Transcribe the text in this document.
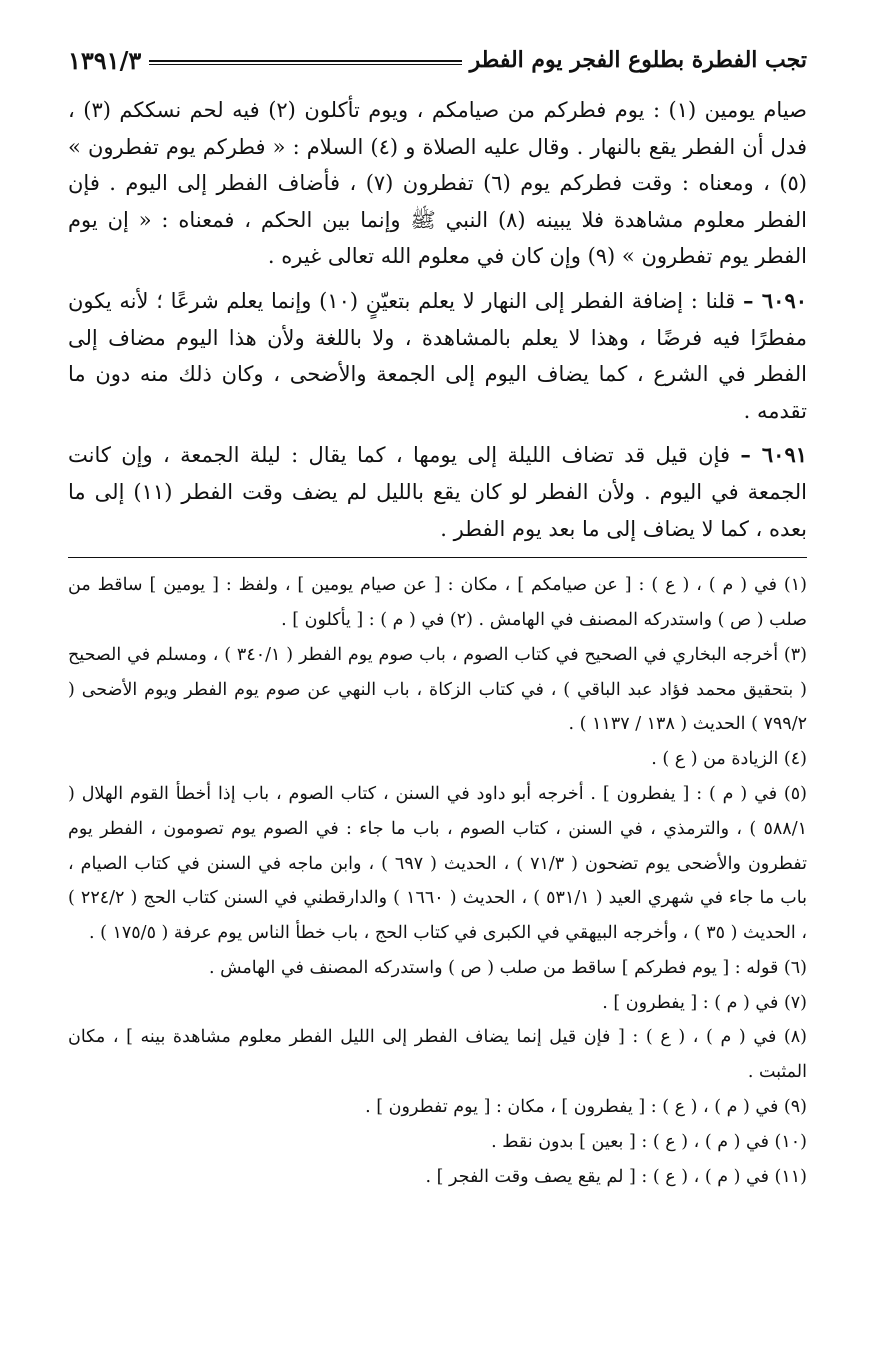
تجب الفطرة بطلوع الفجر يوم الفطر
١٣٩١/٣

صيام يومين (١) : يوم فطركم من صيامكم ، ويوم تأكلون (٢) فيه لحم نسككم (٣) ، فدل أن الفطر يقع بالنهار . وقال عليه الصلاة و (٤) السلام : « فطركم يوم تفطرون » (٥) ، ومعناه : وقت فطركم يوم (٦) تفطرون (٧) ، فأضاف الفطر إلى اليوم . فإن الفطر معلوم مشاهدة فلا يبينه (٨) النبي ﷺ وإنما بين الحكم ، فمعناه : « إن يوم الفطر يوم تفطرون » (٩) وإن كان في معلوم الله تعالى غيره .

٦٠٩٠ – قلنا : إضافة الفطر إلى النهار لا يعلم بتعيّنٍ (١٠) وإنما يعلم شرعًا ؛ لأنه يكون مفطرًا فيه فرضًا ، وهذا لا يعلم بالمشاهدة ، ولا باللغة ولأن هذا اليوم مضاف إلى الفطر في الشرع ، كما يضاف اليوم إلى الجمعة والأضحى ، وكان ذلك منه دون ما تقدمه .

٦٠٩١ – فإن قيل قد تضاف الليلة إلى يومها ، كما يقال : ليلة الجمعة ، وإن كانت الجمعة في اليوم . ولأن الفطر لو كان يقع بالليل لم يضف وقت الفطر (١١) إلى ما بعده ، كما لا يضاف إلى ما بعد يوم الفطر .

(١) في ( م ) ، ( ع ) : [ عن صيامكم ] ، مكان : [ عن صيام يومين ] ، ولفظ : [ يومين ] ساقط من صلب ( ص ) واستدركه المصنف في الهامش . (٢) في ( م ) : [ يأكلون ] .

(٣) أخرجه البخاري في الصحيح في كتاب الصوم ، باب صوم يوم الفطر ( ٣٤٠/١ ) ، ومسلم في الصحيح ( بتحقيق محمد فؤاد عبد الباقي ) ، في كتاب الزكاة ، باب النهي عن صوم يوم الفطر ويوم الأضحى ( ٧٩٩/٢ ) الحديث ( ١٣٨ / ١١٣٧ ) .

(٤) الزيادة من ( ع ) .

(٥) في ( م ) : [ يفطرون ] . أخرجه أبو داود في السنن ، كتاب الصوم ، باب إذا أخطأ القوم الهلال ( ٥٨٨/١ ) ، والترمذي ، في السنن ، كتاب الصوم ، باب ما جاء : في الصوم يوم تصومون ، الفطر يوم تفطرون والأضحى يوم تضحون ( ٧١/٣ ) ، الحديث ( ٦٩٧ ) ، وابن ماجه في السنن في كتاب الصيام ، باب ما جاء في شهري العيد ( ٥٣١/١ ) ، الحديث ( ١٦٦٠ ) والدارقطني في السنن كتاب الحج ( ٢٢٤/٢ ) ، الحديث ( ٣٥ ) ، وأخرجه البيهقي في الكبرى في كتاب الحج ، باب خطأ الناس يوم عرفة ( ١٧٥/٥ ) .

(٦) قوله : [ يوم فطركم ] ساقط من صلب ( ص ) واستدركه المصنف في الهامش .

(٧) في ( م ) : [ يفطرون ] .

(٨) في ( م ) ، ( ع ) : [ فإن قيل إنما يضاف الفطر إلى الليل الفطر معلوم مشاهدة بينه ] ، مكان المثبت .

(٩) في ( م ) ، ( ع ) : [ يفطرون ] ، مكان : [ يوم تفطرون ] .

(١٠) في ( م ) ، ( ع ) : [ بعين ] بدون نقط .

(١١) في ( م ) ، ( ع ) : [ لم يقع يصف وقت الفجر ] .
